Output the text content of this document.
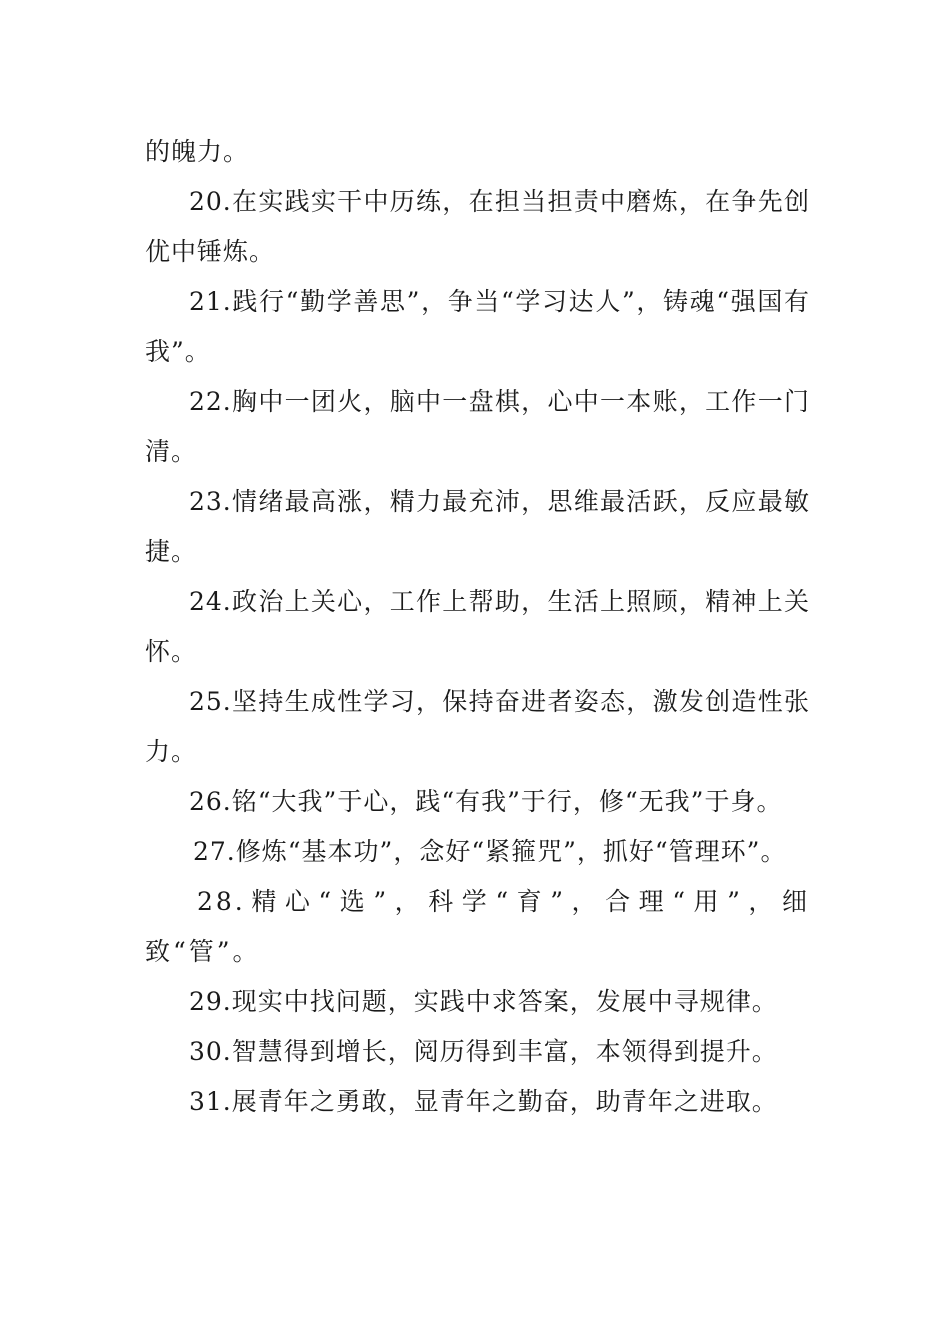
的魄力。

20.在实践实干中历练，在担当担责中磨炼，在争先创优中锤炼。

21.践行“勤学善思”，争当“学习达人”，铸魂“强国有我”。

22.胸中一团火，脑中一盘棋，心中一本账，工作一门清。

23.情绪最高涨，精力最充沛，思维最活跃，反应最敏捷。

24.政治上关心，工作上帮助，生活上照顾，精神上关怀。

25.坚持生成性学习，保持奋进者姿态，激发创造性张力。

26.铭“大我”于心，践“有我”于行，修“无我”于身。

27.修炼“基本功”，念好“紧箍咒”，抓好“管理环”。

28.精心“选”，科学“育”，合理“用”，细致“管”。

29.现实中找问题，实践中求答案，发展中寻规律。

30.智慧得到增长，阅历得到丰富，本领得到提升。

31.展青年之勇敢，显青年之勤奋，助青年之进取。
